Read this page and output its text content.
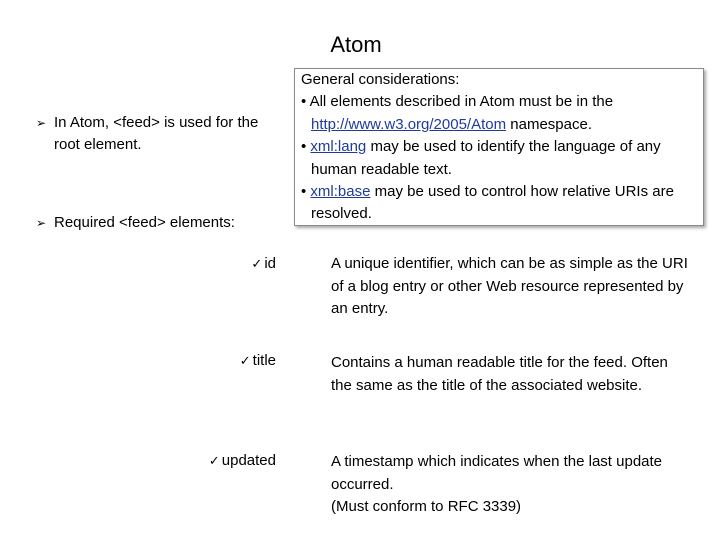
Atom
➢ In Atom, <feed> is used for the root element.
➢ Required <feed> elements:

General considerations:

• All elements described in Atom must be in the http://www.w3.org/2005/Atom namespace.

• xml:lang may be used to identify the language of any human readable text.

• xml:base may be used to control how relative URIs are resolved.

✓ id	A unique identifier, which can be as simple as the URI of a blog entry or other Web resource represented by an entry.
✓ title	Contains a human readable title for the feed. Often the same as the title of the associated website.
✓ updated	A timestamp which indicates when the last update occurred.
(Must conform to RFC 3339)
